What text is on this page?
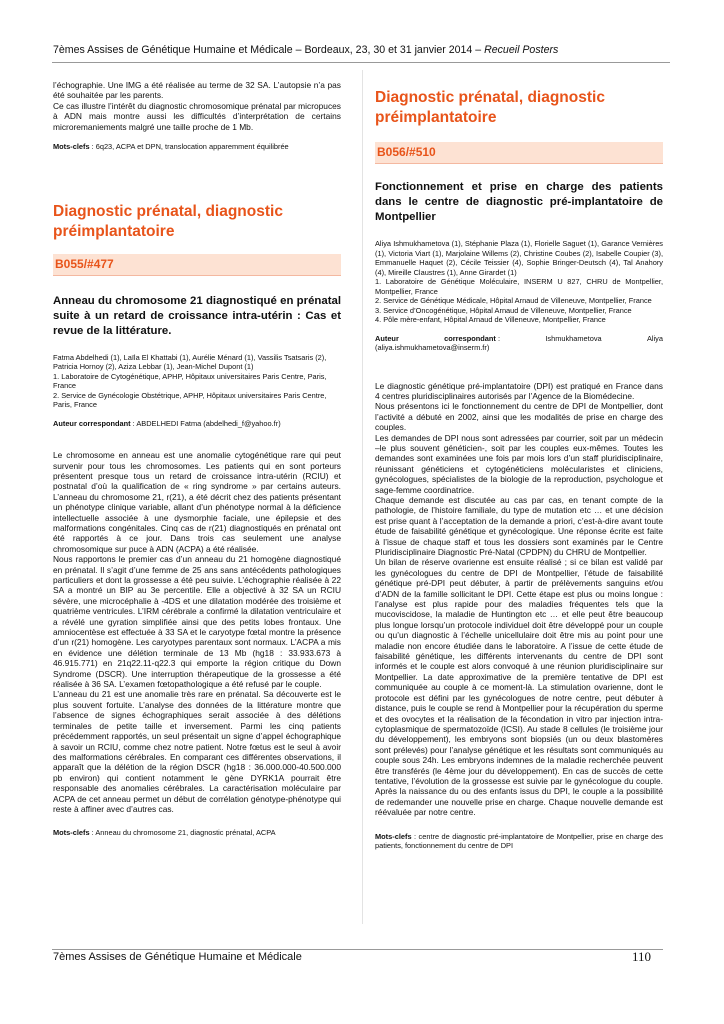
7èmes Assises de Génétique Humaine et Médicale – Bordeaux, 23, 30 et 31 janvier 2014 – Recueil Posters

l’échographie. Une IMG a été réalisée au terme de 32 SA. L’autopsie n’a pas été souhaitée par les parents.
Ce cas illustre l’intérêt du diagnostic chromosomique prénatal par micropuces à ADN mais montre aussi les difficultés d’interprétation de certains microremaniements malgré une taille proche de 1 Mb.

Mots-clefs : 6q23, ACPA et DPN, translocation apparemment équilibrée

Diagnostic prénatal, diagnostic préimplantatoire
B055/#477
Anneau du chromosome 21 diagnostiqué en prénatal suite à un retard de croissance intra-utérin : Cas et revue de la littérature.

Fatma Abdelhedi (1), Laïla El Khattabi (1), Aurélie Ménard (1), Vassilis Tsatsaris (2), Patricia Hornoy (2), Aziza Lebbar (1), Jean-Michel Dupont (1)
1. Laboratoire de Cytogénétique, APHP, Hôpitaux universitaires Paris Centre, Paris, France
2. Service de Gynécologie Obstétrique, APHP, Hôpitaux universitaires Paris Centre, Paris, France

Auteur correspondant : ABDELHEDI Fatma (abdelhedi_f@yahoo.fr)

Le chromosome en anneau est une anomalie cytogénétique rare qui peut survenir pour tous les chromosomes. Les patients qui en sont porteurs présentent presque tous un retard de croissance intra-utérin (RCIU) et postnatal d’où la qualification de « ring syndrome » par certains auteurs. L’anneau du chromosome 21, r(21), a été décrit chez des patients présentant un phénotype clinique variable, allant d’un phénotype normal à la déficience intellectuelle associée à une dysmorphie faciale, une épilepsie et des malformations congénitales. Cinq cas de r(21) diagnostiqués en prénatal ont été rapportés à ce jour. Dans trois cas seulement une analyse chromosomique sur puce à ADN (ACPA) a été réalisée.
Nous rapportons le premier cas d’un anneau du 21 homogène diagnostiqué en prénatal. Il s’agit d’une femme de 25 ans sans antécédents pathologiques particuliers et dont la grossesse a été peu suivie. L’échographie réalisée à 22 SA a montré un BIP au 3e percentile. Elle a objectivé à 32 SA un RCIU sévère, une microcéphalie à -4DS et une dilatation modérée des troisième et quatrième ventricules. L’IRM cérébrale a confirmé la dilatation ventriculaire et a révélé une gyration simplifiée ainsi que des petits lobes frontaux. Une amniocentèse est effectuée à 33 SA et le caryotype fœtal montre la présence d’un r(21) homogène. Les caryotypes parentaux sont normaux. L’ACPA a mis en évidence une délétion terminale de 13 Mb (hg18 : 33.933.673 à 46.915.771) en 21q22.11-q22.3 qui emporte la région critique du Down Syndrome (DSCR). Une interruption thérapeutique de la grossesse a été réalisée à 36 SA. L’examen fœtopathologique a été refusé par le couple.
L’anneau du 21 est une anomalie très rare en prénatal. Sa découverte est le plus souvent fortuite. L’analyse des données de la littérature montre que l’absence de signes échographiques serait associée à des délétions terminales de petite taille et inversement. Parmi les cinq patients précédemment rapportés, un seul présentait un signe d’appel échographique à savoir un RCIU, comme chez notre patient. Notre fœtus est le seul à avoir des malformations cérébrales. En comparant ces différentes observations, il apparaît que la délétion de la région DSCR (hg18 : 36.000.000-40.500.000 pb environ) qui contient notamment le gène DYRK1A pourrait être responsable des anomalies cérébrales. La caractérisation moléculaire par ACPA de cet anneau permet un début de corrélation génotype-phénotype qui reste à affiner avec d’autres cas.

Mots-clefs : Anneau du chromosome 21, diagnostic prénatal, ACPA

Diagnostic prénatal, diagnostic préimplantatoire
B056/#510
Fonctionnement et prise en charge des patients dans le centre de diagnostic pré-implantatoire de Montpellier

Aliya Ishmukhametova (1), Stéphanie Plaza (1), Florielle Saguet (1), Garance Vernières (1), Victoria Viart (1), Marjolaine Willems (2), Christine Coubes (2), Isabelle Coupier (3), Emmanuelle Haquet (2), Cécile Teissier (4), Sophie Bringer-Deutsch (4), Tal Anahory (4), Mireille Claustres (1), Anne Girardet (1)
1. Laboratoire de Génétique Moléculaire, INSERM U 827, CHRU de Montpellier, Montpellier, France
2. Service de Génétique Médicale, Hôpital Arnaud de Villeneuve, Montpellier, France
3. Service d’Oncogénétique, Hôpital Arnaud de Villeneuve, Montpellier, France
4. Pôle mère-enfant, Hôpital Arnaud de Villeneuve, Montpellier, France

Auteur	correspondant :	Ishmukhametova	Aliya
(aliya.ishmukhametova@inserm.fr)

Le diagnostic génétique pré-implantatoire (DPI) est pratiqué en France dans 4 centres pluridisciplinaires autorisés par l’Agence de la Biomédecine.
Nous présentons ici le fonctionnement du centre de DPI de Montpellier, dont l’activité a débuté en 2002, ainsi que les modalités de prise en charge des couples.
Les demandes de DPI nous sont adressées par courrier, soit par un médecin –le plus souvent généticien-, soit par les couples eux-mêmes. Toutes les demandes sont examinées une fois par mois lors d’un staff pluridisciplinaire, réunissant généticiens et cytogénéticiens molécularistes et cliniciens, gynécologues, spécialistes de la biologie de la reproduction, psychologue et sage-femme coordinatrice.
Chaque demande est discutée au cas par cas, en tenant compte de la pathologie, de l’histoire familiale, du type de mutation etc … et une décision est prise quant à l’acceptation de la demande a priori, c’est-à-dire avant toute étude de faisabilité génétique et gynécologique. Une réponse écrite est faite à l’issue de chaque staff et tous les dossiers sont examinés par le Centre Pluridisciplinaire Diagnostic Pré-Natal (CPDPN) du CHRU de Montpellier.
Un bilan de réserve ovarienne est ensuite réalisé ; si ce bilan est validé par les gynécologues du centre de DPI de Montpellier, l’étude de faisabilité génétique pré-DPI peut débuter, à partir de prélèvements sanguins et/ou d’ADN de la famille sollicitant le DPI. Cette étape est plus ou moins longue : l’analyse est plus rapide pour des maladies fréquentes tels que la mucoviscidose, la maladie de Huntington etc … et elle peut être beaucoup plus longue lorsqu’un protocole individuel doit être développé pour un couple ou qu’un diagnostic à l’échelle unicellulaire doit être mis au point pour une maladie non encore étudiée dans le laboratoire. A l’issue de cette étude de faisabilité génétique, les différents intervenants du centre de DPI sont informés et le couple est alors convoqué à une réunion pluridisciplinaire sur Montpellier. La date approximative de la première tentative de DPI est communiquée au couple à ce moment-là. La stimulation ovarienne, dont le protocole est défini par les gynécologues de notre centre, peut débuter à distance, puis le couple se rend à Montpellier pour la récupération du sperme et des ovocytes et la réalisation de la fécondation in vitro par injection intra-cytoplasmique de spermatozoïde (ICSI). Au stade 8 cellules (le troisième jour du développement), les embryons sont biopsiés (un ou deux blastomères sont prélevés) pour l’analyse génétique et les résultats sont communiqués au couple sous 24h. Les embryons indemnes de la maladie recherchée peuvent être transférés (le 4ème jour du développement). En cas de succès de cette tentative, l’évolution de la grossesse est suivie par le gynécologue du couple. Après la naissance du ou des enfants issus du DPI, le couple a la possibilité de redemander une nouvelle prise en charge. Chaque nouvelle demande est réévaluée par notre centre.

Mots-clefs : centre de diagnostic pré-implantatoire de Montpellier, prise en charge des patients, fonctionnement du centre de DPI

7èmes Assises de Génétique Humaine et Médicale	110
